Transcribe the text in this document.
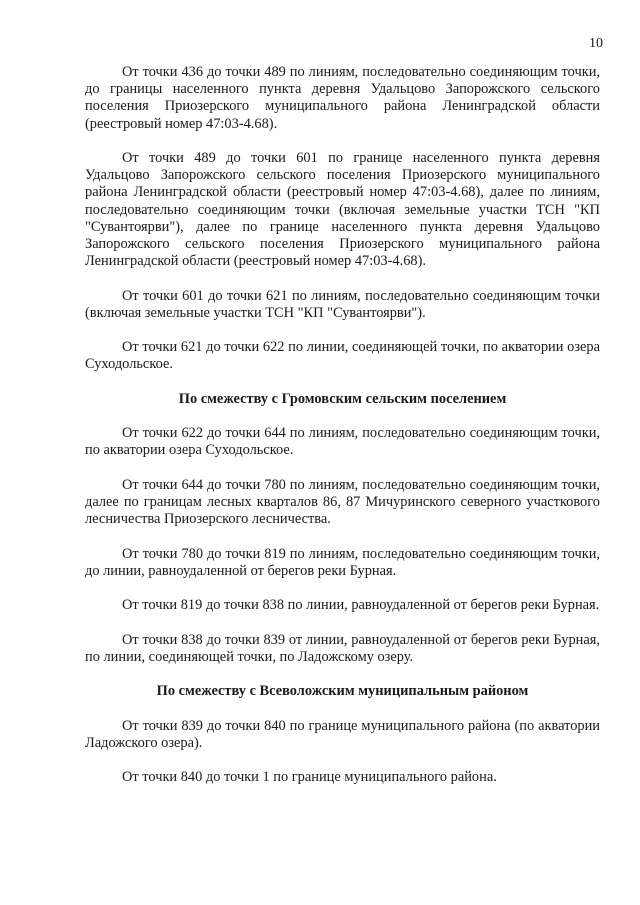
10

От точки 436 до точки 489 по линиям, последовательно соединяющим точки, до границы населенного пункта деревня Удальцово Запорожского сельского поселения Приозерского муниципального района Ленинградской области (реестровый номер 47:03-4.68).

От точки 489 до точки 601 по границе населенного пункта деревня Удальцово Запорожского сельского поселения Приозерского муниципального района Ленинградской области (реестровый номер 47:03-4.68), далее по линиям, последовательно соединяющим точки (включая земельные участки ТСН "КП "Сувантоярви"), далее по границе населенного пункта деревня Удальцово Запорожского сельского поселения Приозерского муниципального района Ленинградской области (реестровый номер 47:03-4.68).

От точки 601 до точки 621 по линиям, последовательно соединяющим точки (включая земельные участки ТСН "КП "Сувантоярви").

От точки 621 до точки 622 по линии, соединяющей точки, по акватории озера Суходольское.

По смежеству с Громовским сельским поселением

От точки 622 до точки 644 по линиям, последовательно соединяющим точки, по акватории озера Суходольское.

От точки 644 до точки 780 по линиям, последовательно соединяющим точки, далее по границам лесных кварталов 86, 87 Мичуринского северного участкового лесничества Приозерского лесничества.

От точки 780 до точки 819 по линиям, последовательно соединяющим точки, до линии, равноудаленной от берегов реки Бурная.

От точки 819 до точки 838 по линии, равноудаленной от берегов реки Бурная.

От точки 838 до точки 839 от линии, равноудаленной от берегов реки Бурная, по линии, соединяющей точки, по Ладожскому озеру.

По смежеству с Всеволожским муниципальным районом

От точки 839 до точки 840 по границе муниципального района (по акватории Ладожского озера).

От точки 840 до точки 1 по границе муниципального района.
